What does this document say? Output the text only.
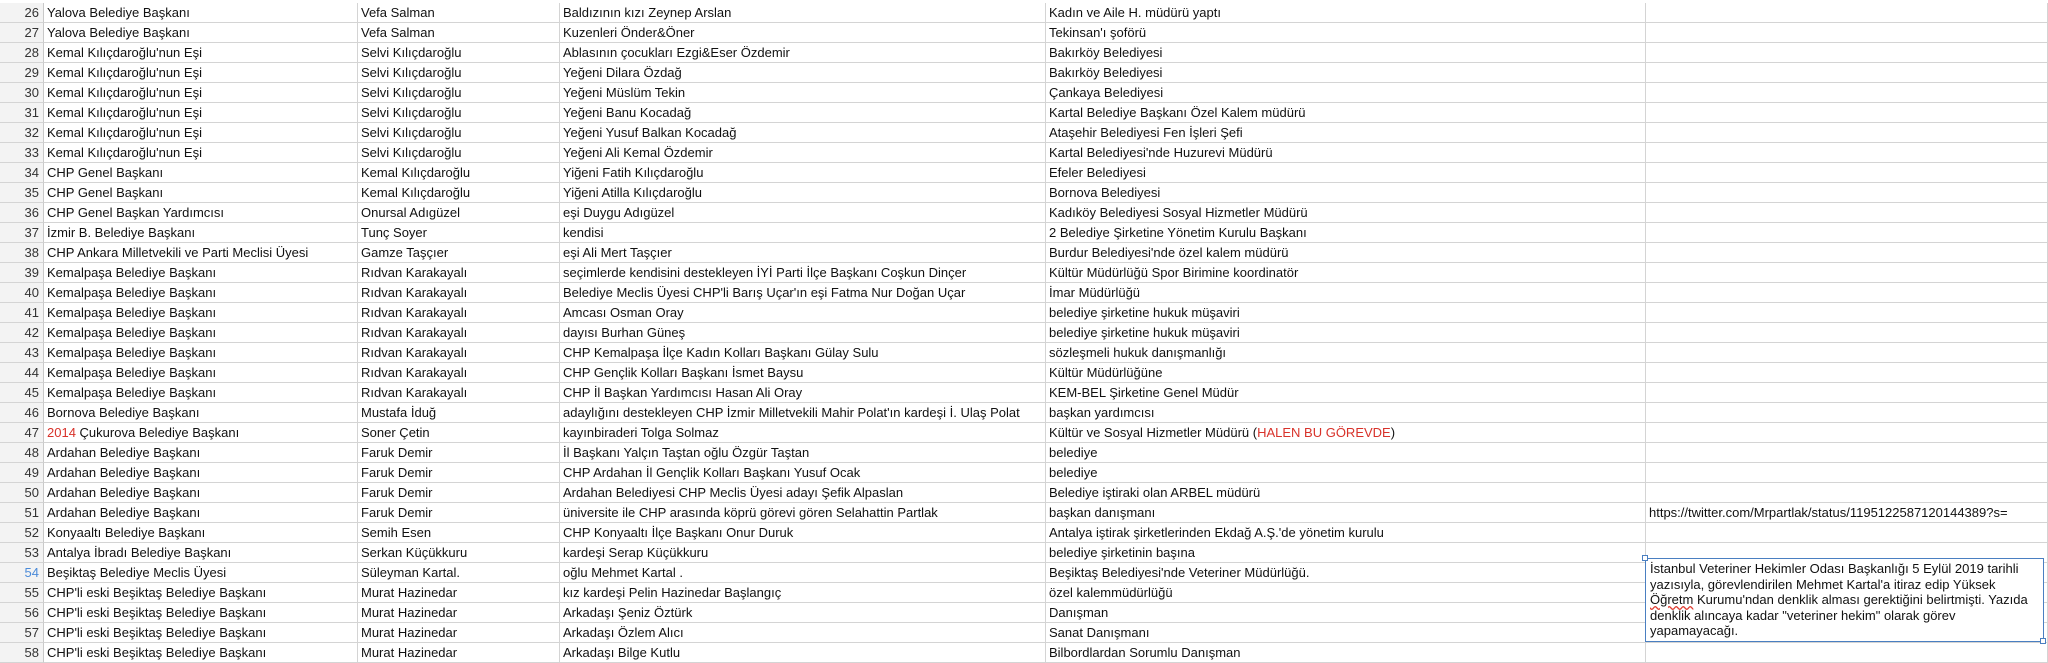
26 Yalova Belediye Başkanı	Vefa Salman	Baldızının kızı Zeynep Arslan	Kadın ve Aile H. müdürü yaptı
27 Yalova Belediye Başkanı	Vefa Salman	Kuzenleri Önder&Öner	Tekinsan'ı şoförü
28 Kemal Kılıçdaroğlu'nun Eşi	Selvi Kılıçdaroğlu	Ablasının çocukları Ezgi&Eser Özdemir	Bakırköy Belediyesi
29 Kemal Kılıçdaroğlu'nun Eşi	Selvi Kılıçdaroğlu	Yeğeni Dilara Özdağ	Bakırköy Belediyesi
30 Kemal Kılıçdaroğlu'nun Eşi	Selvi Kılıçdaroğlu	Yeğeni Müslüm Tekin	Çankaya Belediyesi
31 Kemal Kılıçdaroğlu'nun Eşi	Selvi Kılıçdaroğlu	Yeğeni Banu Kocadağ	Kartal Belediye Başkanı Özel Kalem müdürü
32 Kemal Kılıçdaroğlu'nun Eşi	Selvi Kılıçdaroğlu	Yeğeni Yusuf Balkan Kocadağ	Ataşehir Belediyesi Fen İşleri Şefi
33 Kemal Kılıçdaroğlu'nun Eşi	Selvi Kılıçdaroğlu	Yeğeni Ali Kemal Özdemir	Kartal Belediyesi'nde Huzurevi Müdürü
34 CHP Genel Başkanı	Kemal Kılıçdaroğlu	Yiğeni Fatih Kılıçdaroğlu	Efeler Belediyesi
35 CHP Genel Başkanı	Kemal Kılıçdaroğlu	Yiğeni Atilla Kılıçdaroğlu	Bornova Belediyesi
36 CHP Genel Başkan Yardımcısı	Onursal Adıgüzel	eşi Duygu Adıgüzel	Kadıköy Belediyesi Sosyal Hizmetler Müdürü
37 İzmir B. Belediye Başkanı	Tunç Soyer	kendisi	2 Belediye Şirketine Yönetim Kurulu Başkanı
38 CHP Ankara Milletvekili ve Parti Meclisi Üyesi	Gamze Taşçıer	eşi Ali Mert Taşçıer	Burdur Belediyesi'nde özel kalem müdürü
39 Kemalpaşa Belediye Başkanı	Rıdvan Karakayalı	seçimlerde kendisini destekleyen İYİ Parti İlçe Başkanı Coşkun Dinçer	Kültür Müdürlüğü Spor Birimine koordinatör
40 Kemalpaşa Belediye Başkanı	Rıdvan Karakayalı	Belediye Meclis Üyesi CHP'li Barış Uçar'ın eşi Fatma Nur Doğan Uçar	İmar Müdürlüğü
41 Kemalpaşa Belediye Başkanı	Rıdvan Karakayalı	Amcası Osman Oray	belediye şirketine hukuk müşaviri
42 Kemalpaşa Belediye Başkanı	Rıdvan Karakayalı	dayısı Burhan Güneş	belediye şirketine hukuk müşaviri
43 Kemalpaşa Belediye Başkanı	Rıdvan Karakayalı	CHP Kemalpaşa İlçe Kadın Kolları Başkanı Gülay Sulu	sözleşmeli hukuk danışmanlığı
44 Kemalpaşa Belediye Başkanı	Rıdvan Karakayalı	CHP Gençlik Kolları Başkanı İsmet Baysu	Kültür Müdürlüğüne
45 Kemalpaşa Belediye Başkanı	Rıdvan Karakayalı	CHP İl Başkan Yardımcısı Hasan Ali Oray	KEM-BEL Şirketine Genel Müdür
46 Bornova Belediye Başkanı	Mustafa İduğ	adaylığını destekleyen CHP İzmir Milletvekili Mahir Polat'ın kardeşi İ. Ulaş Polat	başkan yardımcısı
47 2014 Çukurova Belediye Başkanı	Soner Çetin	kayınbiraderi Tolga Solmaz	Kültür ve Sosyal Hizmetler Müdürü (HALEN BU GÖREVDE)
48 Ardahan Belediye Başkanı	Faruk Demir	İl Başkanı Yalçın Taştan oğlu Özgür Taştan	belediye
49 Ardahan Belediye Başkanı	Faruk Demir	CHP Ardahan İl Gençlik Kolları Başkanı Yusuf Ocak	belediye
50 Ardahan Belediye Başkanı	Faruk Demir	Ardahan Belediyesi CHP Meclis Üyesi adayı Şefik Alpaslan	Belediye iştiraki olan ARBEL müdürü
51 Ardahan Belediye Başkanı	Faruk Demir	üniversite ile CHP arasında köprü görevi gören Selahattin Partlak	başkan danışmanı	https://twitter.com/Mrpartlak/status/1195122587120144389?s=
52 Konyaaltı Belediye Başkanı	Semih Esen	CHP Konyaaltı İlçe Başkanı Onur Duruk	Antalya iştirak şirketlerinden Ekdağ A.Ş.'de yönetim kurulu
53 Antalya İbradı Belediye Başkanı	Serkan Küçükkuru	kardeşi Serap Küçükkuru	belediye şirketinin başına
54 Beşiktaş Belediye Meclis Üyesi	Süleyman Kartal.	oğlu Mehmet Kartal .	Beşiktaş Belediyesi'nde Veteriner Müdürlüğü.
55 CHP'li eski Beşiktaş Belediye Başkanı	Murat Hazinedar	kız kardeşi Pelin Hazinedar Başlangıç	özel kalemmüdürlüğü
56 CHP'li eski Beşiktaş Belediye Başkanı	Murat Hazinedar	Arkadaşı Şeniz Öztürk	Danışman
57 CHP'li eski Beşiktaş Belediye Başkanı	Murat Hazinedar	Arkadaşı Özlem Alıcı	Sanat Danışmanı
58 CHP'li eski Beşiktaş Belediye Başkanı	Murat Hazinedar	Arkadaşı Bilge Kutlu	Bilbordlardan Sorumlu Danışman
İstanbul Veteriner Hekimler Odası Başkanlığı 5 Eylül 2019 tarihli yazısıyla, görevlendirilen Mehmet Kartal'a itiraz edip Yüksek Öğretm Kurumu'ndan denklik alması gerektiğini belirtmişti. Yazıda denklik alıncaya kadar "veteriner hekim" olarak görev yapamayacağı.
